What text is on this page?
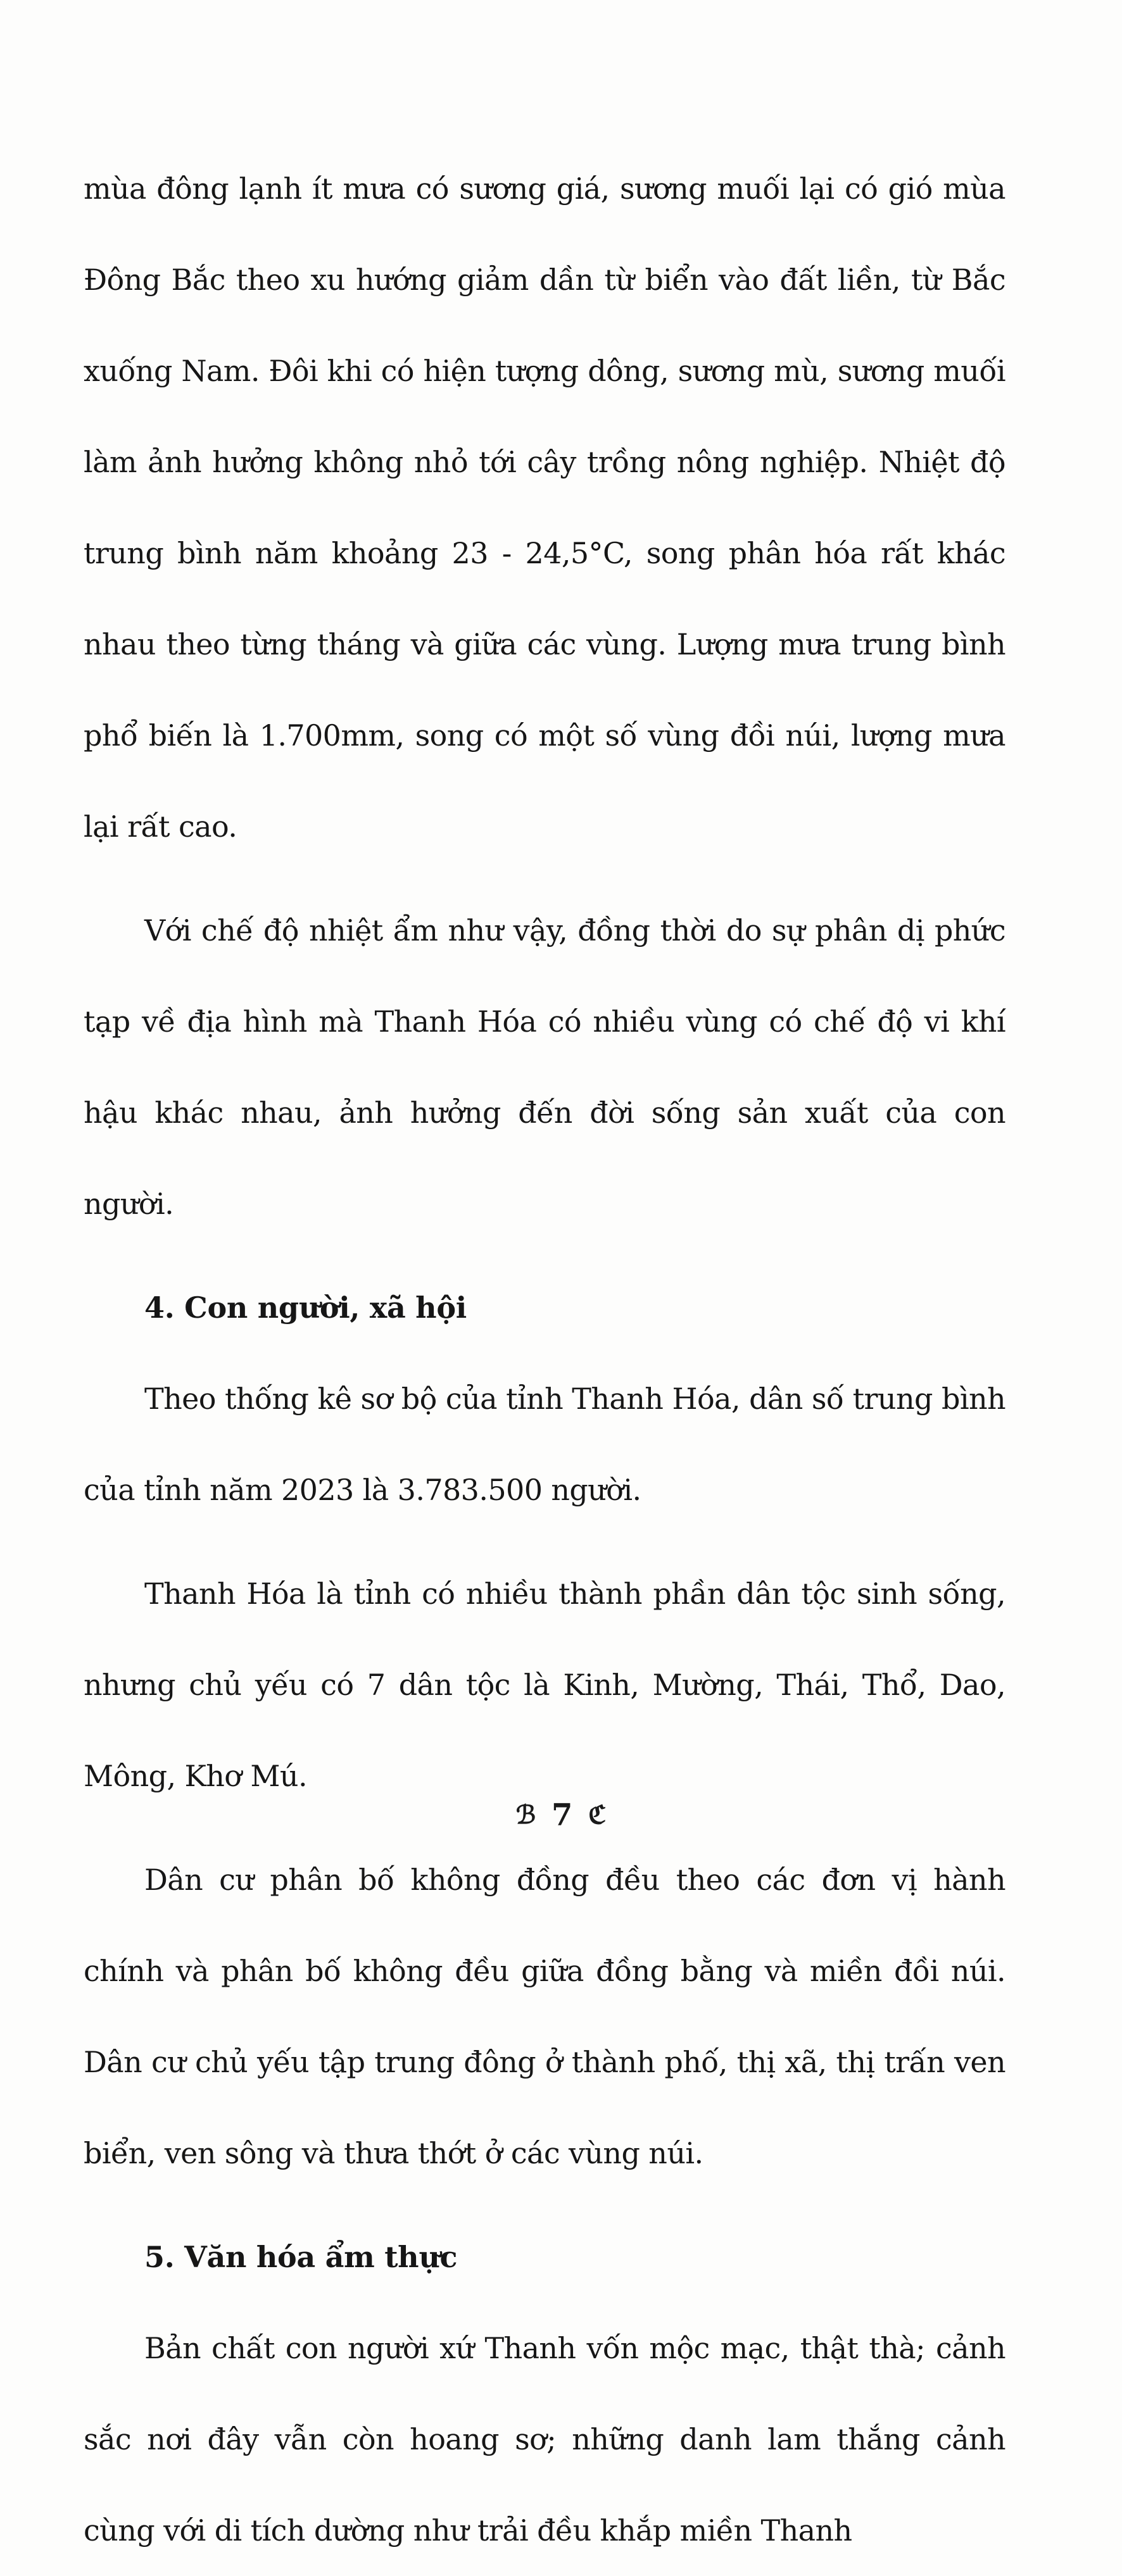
mùa đông lạnh ít mưa có sương giá, sương muối lại có gió mùa Đông Bắc theo xu hướng giảm dần từ biển vào đất liền, từ Bắc xuống Nam. Đôi khi có hiện tượng dông, sương mù, sương muối làm ảnh hưởng không nhỏ tới cây trồng nông nghiệp. Nhiệt độ trung bình năm khoảng 23 - 24,5°C, song phân hóa rất khác nhau theo từng tháng và giữa các vùng. Lượng mưa trung bình phổ biến là 1.700mm, song có một số vùng đồi núi, lượng mưa lại rất cao.

Với chế độ nhiệt ẩm như vậy, đồng thời do sự phân dị phức tạp về địa hình mà Thanh Hóa có nhiều vùng có chế độ vi khí hậu khác nhau, ảnh hưởng đến đời sống sản xuất của con người.

4. Con người, xã hội

Theo thống kê sơ bộ của tỉnh Thanh Hóa, dân số trung bình của tỉnh năm 2023 là 3.783.500 người.

Thanh Hóa là tỉnh có nhiều thành phần dân tộc sinh sống, nhưng chủ yếu có 7 dân tộc là Kinh, Mường, Thái, Thổ, Dao, Mông, Khơ Mú.

Dân cư phân bố không đồng đều theo các đơn vị hành chính và phân bố không đều giữa đồng bằng và miền đồi núi. Dân cư chủ yếu tập trung đông ở thành phố, thị xã, thị trấn ven biển, ven sông và thưa thớt ở các vùng núi.

5. Văn hóa ẩm thực

Bản chất con người xứ Thanh vốn mộc mạc, thật thà; cảnh sắc nơi đây vẫn còn hoang sơ; những danh lam thắng cảnh cùng với di tích dường như trải đều khắp miền Thanh

ℬ 7 ℭ
